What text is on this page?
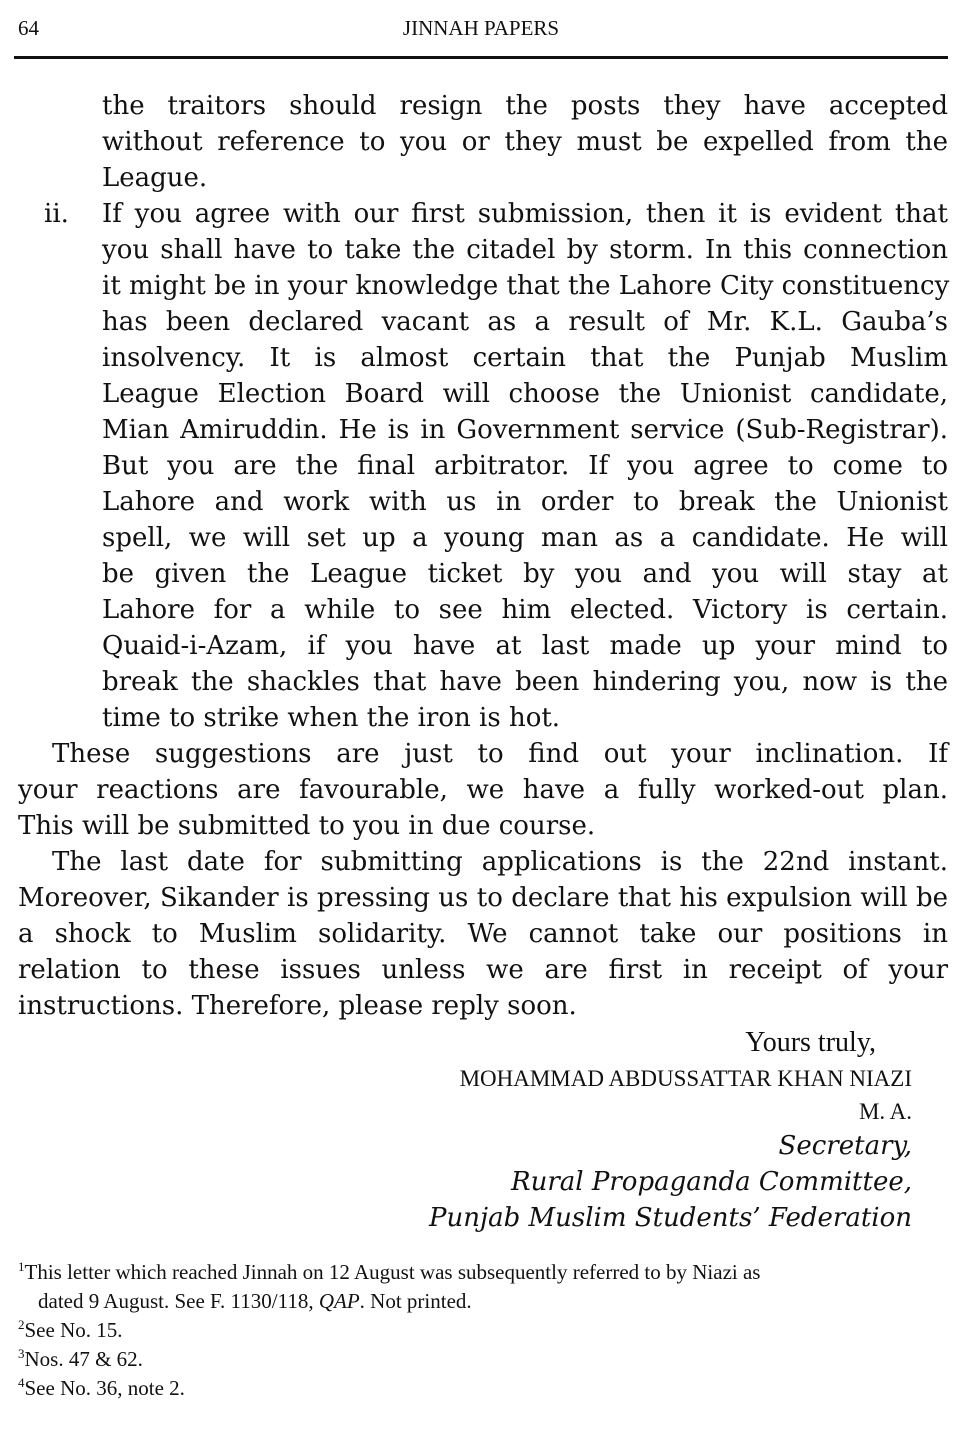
64	JINNAH PAPERS
the traitors should resign the posts they have accepted
without reference to you or they must be expelled from the
League.
ii. If you agree with our first submission, then it is evident that
you shall have to take the citadel by storm. In this connection
it might be in your knowledge that the Lahore City constituency
has been declared vacant as a result of Mr. K.L. Gauba’s
insolvency. It is almost certain that the Punjab Muslim
League Election Board will choose the Unionist candidate,
Mian Amiruddin. He is in Government service (Sub-Registrar).
But you are the final arbitrator. If you agree to come to
Lahore and work with us in order to break the Unionist
spell, we will set up a young man as a candidate. He will
be given the League ticket by you and you will stay at
Lahore for a while to see him elected. Victory is certain.
Quaid-i-Azam, if you have at last made up your mind to
break the shackles that have been hindering you, now is the
time to strike when the iron is hot.
These suggestions are just to find out your inclination. If
your reactions are favourable, we have a fully worked-out plan.
This will be submitted to you in due course.
The last date for submitting applications is the 22nd instant.
Moreover, Sikander is pressing us to declare that his expulsion will be
a shock to Muslim solidarity. We cannot take our positions in
relation to these issues unless we are first in receipt of your
instructions. Therefore, please reply soon.
Yours truly,
MOHAMMAD ABDUSSATTAR KHAN NIAZI
M. A.
Secretary,
Rural Propaganda Committee,
Punjab Muslim Students’ Federation
$^1$This letter which reached Jinnah on 12 August was subsequently referred to by Niazi as
dated 9 August. See F. 1130/118, QAP. Not printed.
$^2$See No. 15.
$^3$Nos. 47 & 62.
$^4$See No. 36, note 2.
